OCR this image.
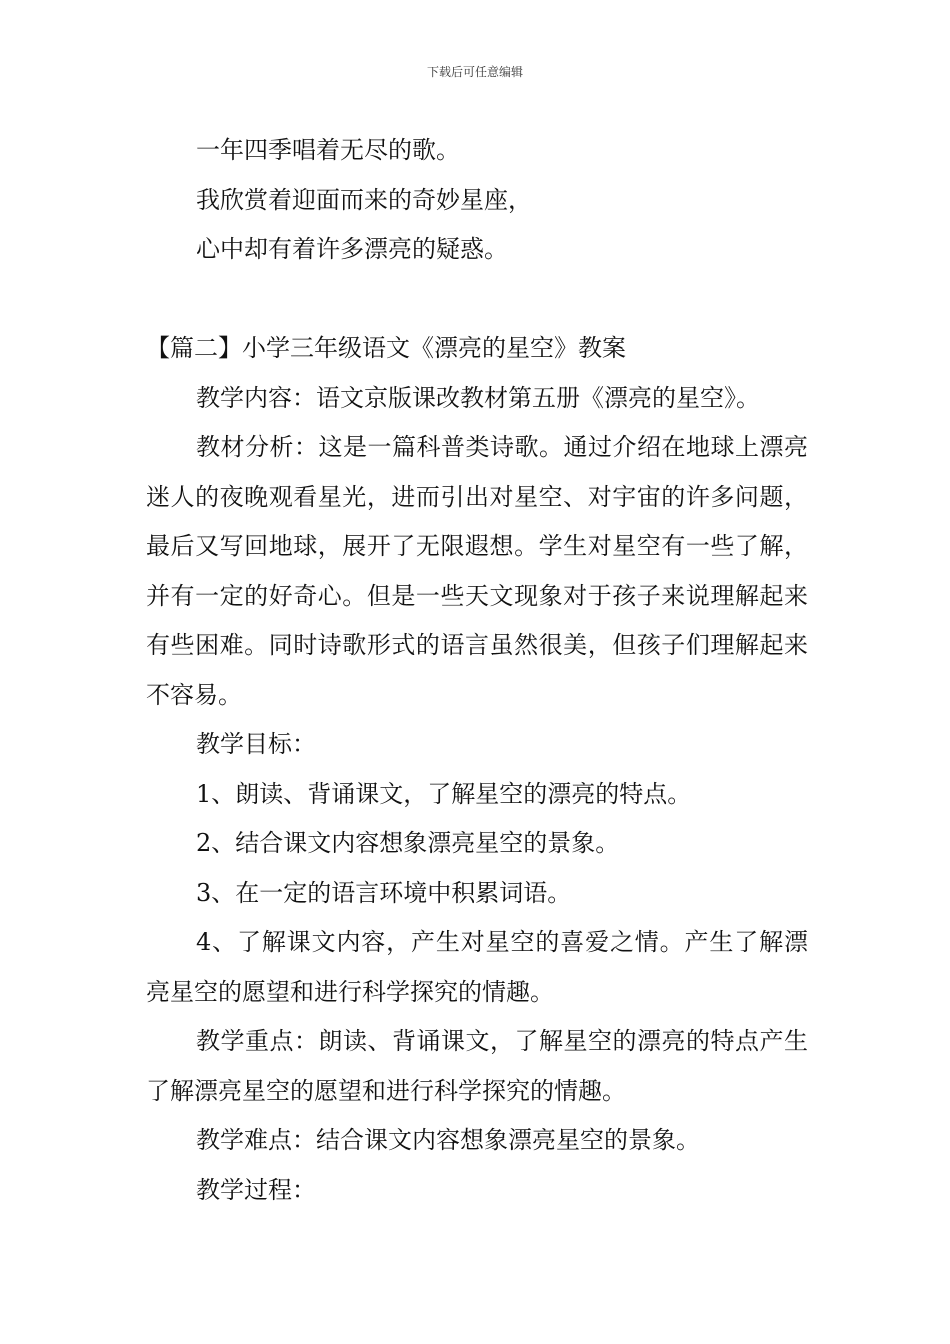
下载后可任意编辑

一年四季唱着无尽的歌。

我欣赏着迎面而来的奇妙星座，

心中却有着许多漂亮的疑惑。

【篇二】小学三年级语文《漂亮的星空》教案

教学内容：语文京版课改教材第五册《漂亮的星空》。

教材分析：这是一篇科普类诗歌。通过介绍在地球上漂亮迷人的夜晚观看星光，进而引出对星空、对宇宙的许多问题，最后又写回地球，展开了无限遐想。学生对星空有一些了解，并有一定的好奇心。但是一些天文现象对于孩子来说理解起来有些困难。同时诗歌形式的语言虽然很美，但孩子们理解起来不容易。

教学目标：

1、朗读、背诵课文，了解星空的漂亮的特点。

2、结合课文内容想象漂亮星空的景象。

3、在一定的语言环境中积累词语。

4、了解课文内容，产生对星空的喜爱之情。产生了解漂亮星空的愿望和进行科学探究的情趣。

教学重点：朗读、背诵课文，了解星空的漂亮的特点产生了解漂亮星空的愿望和进行科学探究的情趣。

教学难点：结合课文内容想象漂亮星空的景象。

教学过程：
